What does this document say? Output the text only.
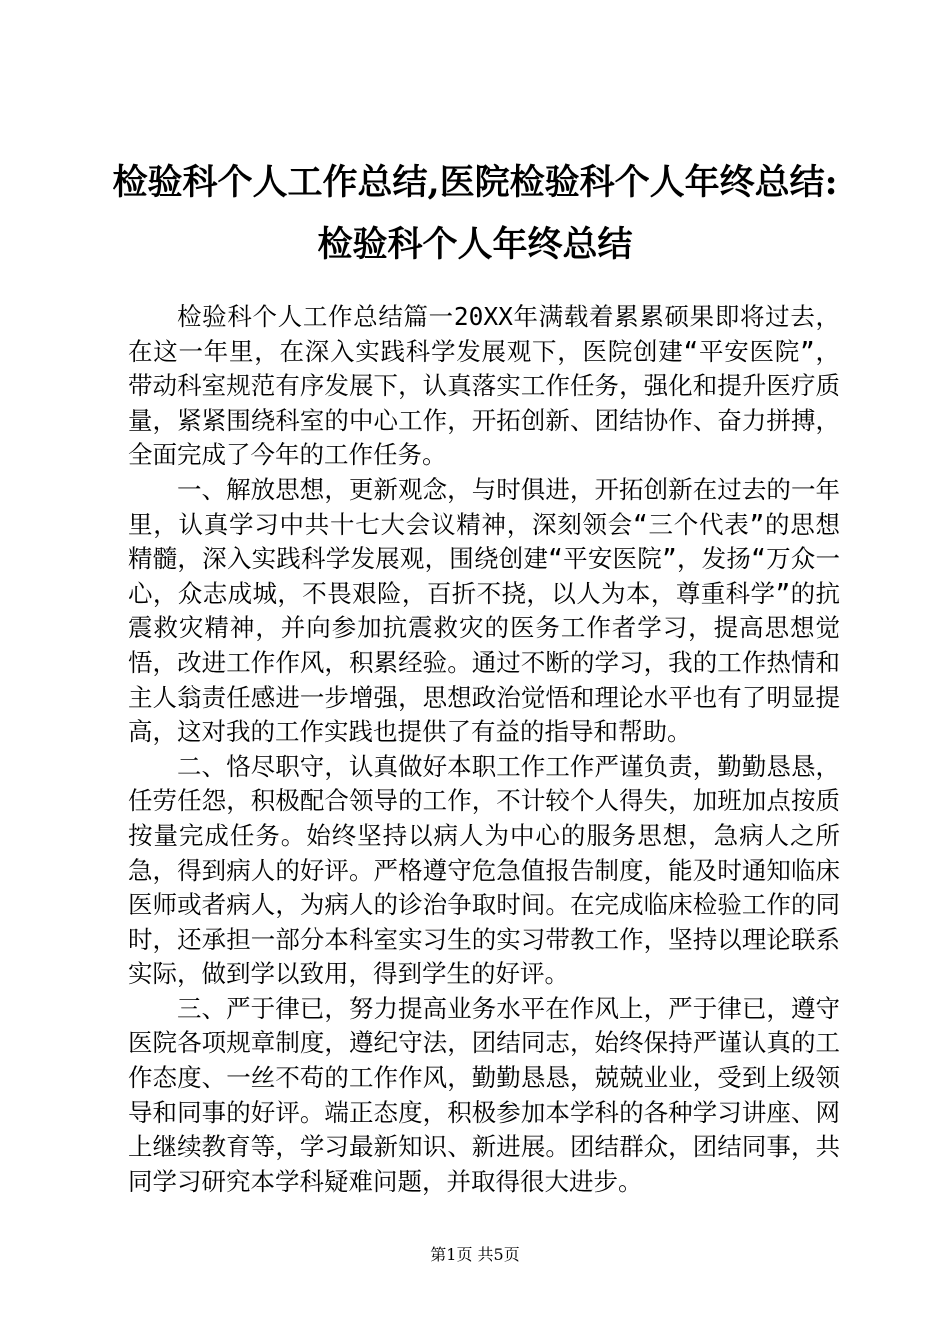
检验科个人工作总结,医院检验科个人年终总结:检验科个人年终总结

检验科个人工作总结篇一20XX年满载着累累硕果即将过去，在这一年里，在深入实践科学发展观下，医院创建“平安医院”，带动科室规范有序发展下，认真落实工作任务，强化和提升医疗质量，紧紧围绕科室的中心工作，开拓创新、团结协作、奋力拼搏，全面完成了今年的工作任务。

一、解放思想，更新观念，与时俱进，开拓创新在过去的一年里，认真学习中共十七大会议精神，深刻领会“三个代表”的思想精髓，深入实践科学发展观，围绕创建“平安医院”，发扬“万众一心，众志成城，不畏艰险，百折不挠，以人为本，尊重科学”的抗震救灾精神，并向参加抗震救灾的医务工作者学习，提高思想觉悟，改进工作作风，积累经验。通过不断的学习，我的工作热情和主人翁责任感进一步增强，思想政治觉悟和理论水平也有了明显提高，这对我的工作实践也提供了有益的指导和帮助。

二、恪尽职守，认真做好本职工作工作严谨负责，勤勤恳恳，任劳任怨，积极配合领导的工作，不计较个人得失，加班加点按质按量完成任务。始终坚持以病人为中心的服务思想，急病人之所急，得到病人的好评。严格遵守危急值报告制度，能及时通知临床医师或者病人，为病人的诊治争取时间。在完成临床检验工作的同时，还承担一部分本科室实习生的实习带教工作，坚持以理论联系实际，做到学以致用，得到学生的好评。

三、严于律已，努力提高业务水平在作风上，严于律已，遵守医院各项规章制度，遵纪守法，团结同志，始终保持严谨认真的工作态度、一丝不苟的工作作风，勤勤恳恳，兢兢业业，受到上级领导和同事的好评。端正态度，积极参加本学科的各种学习讲座、网上继续教育等，学习最新知识、新进展。团结群众，团结同事，共同学习研究本学科疑难问题，并取得很大进步。

第1页 共5页
